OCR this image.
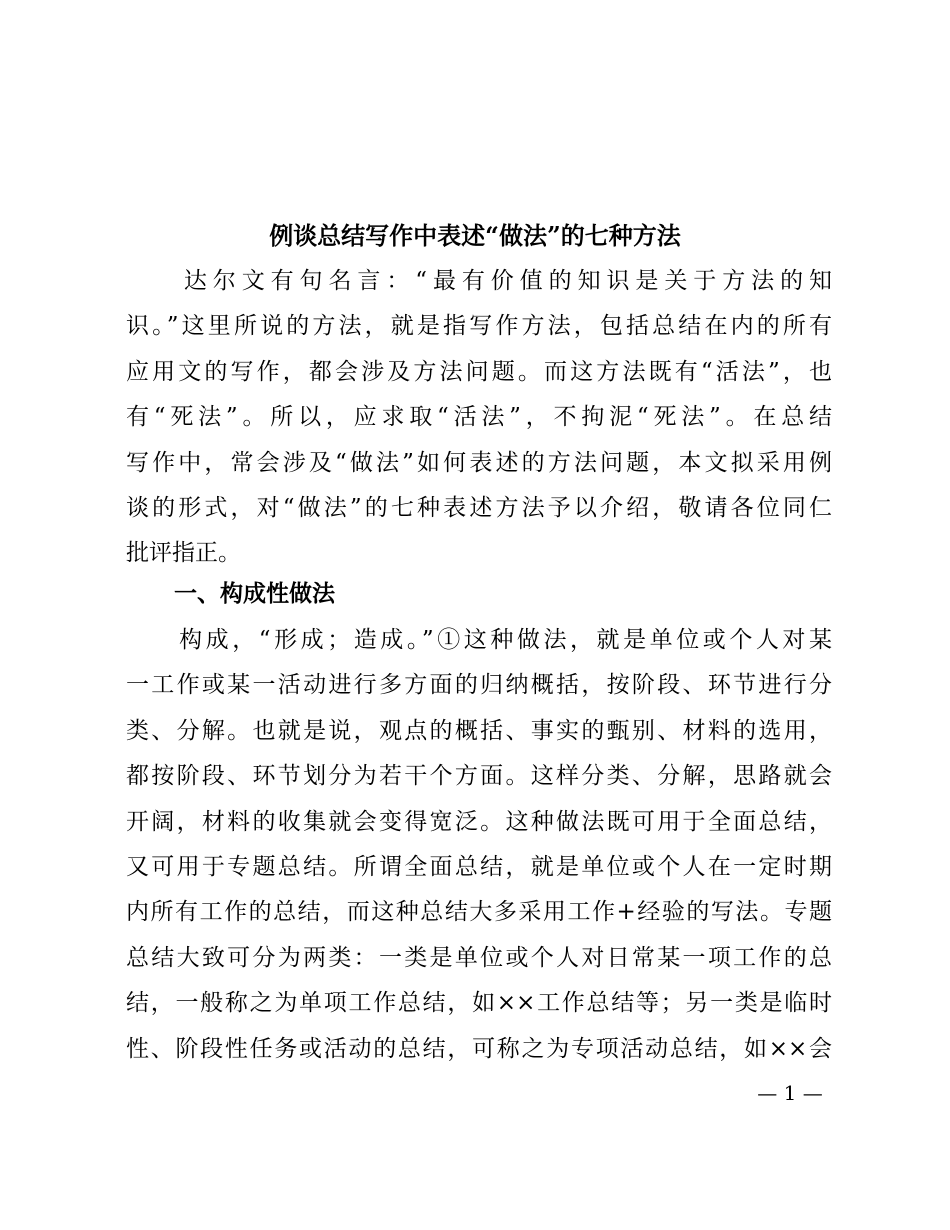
例谈总结写作中表述“做法”的七种方法
　　达尔文有句名言：“最有价值的知识是关于方法的知
识。”这里所说的方法，就是指写作方法，包括总结在内的所有
应用文的写作，都会涉及方法问题。而这方法既有“活法”，也
有“死法”。所以，应求取“活法”，不拘泥“死法”。在总结
写作中，常会涉及“做法”如何表述的方法问题，本文拟采用例
谈的形式，对“做法”的七种表述方法予以介绍，敬请各位同仁
批评指正。
一、构成性做法
　　构成，“形成；造成。”①这种做法，就是单位或个人对某
一工作或某一活动进行多方面的归纳概括，按阶段、环节进行分
类、分解。也就是说，观点的概括、事实的甄别、材料的选用，
都按阶段、环节划分为若干个方面。这样分类、分解，思路就会
开阔，材料的收集就会变得宽泛。这种做法既可用于全面总结，
又可用于专题总结。所谓全面总结，就是单位或个人在一定时期
内所有工作的总结，而这种总结大多采用工作+经验的写法。专题
总结大致可分为两类：一类是单位或个人对日常某一项工作的总
结，一般称之为单项工作总结，如××工作总结等；另一类是临时
性、阶段性任务或活动的总结，可称之为专项活动总结，如××会
— 1 —
